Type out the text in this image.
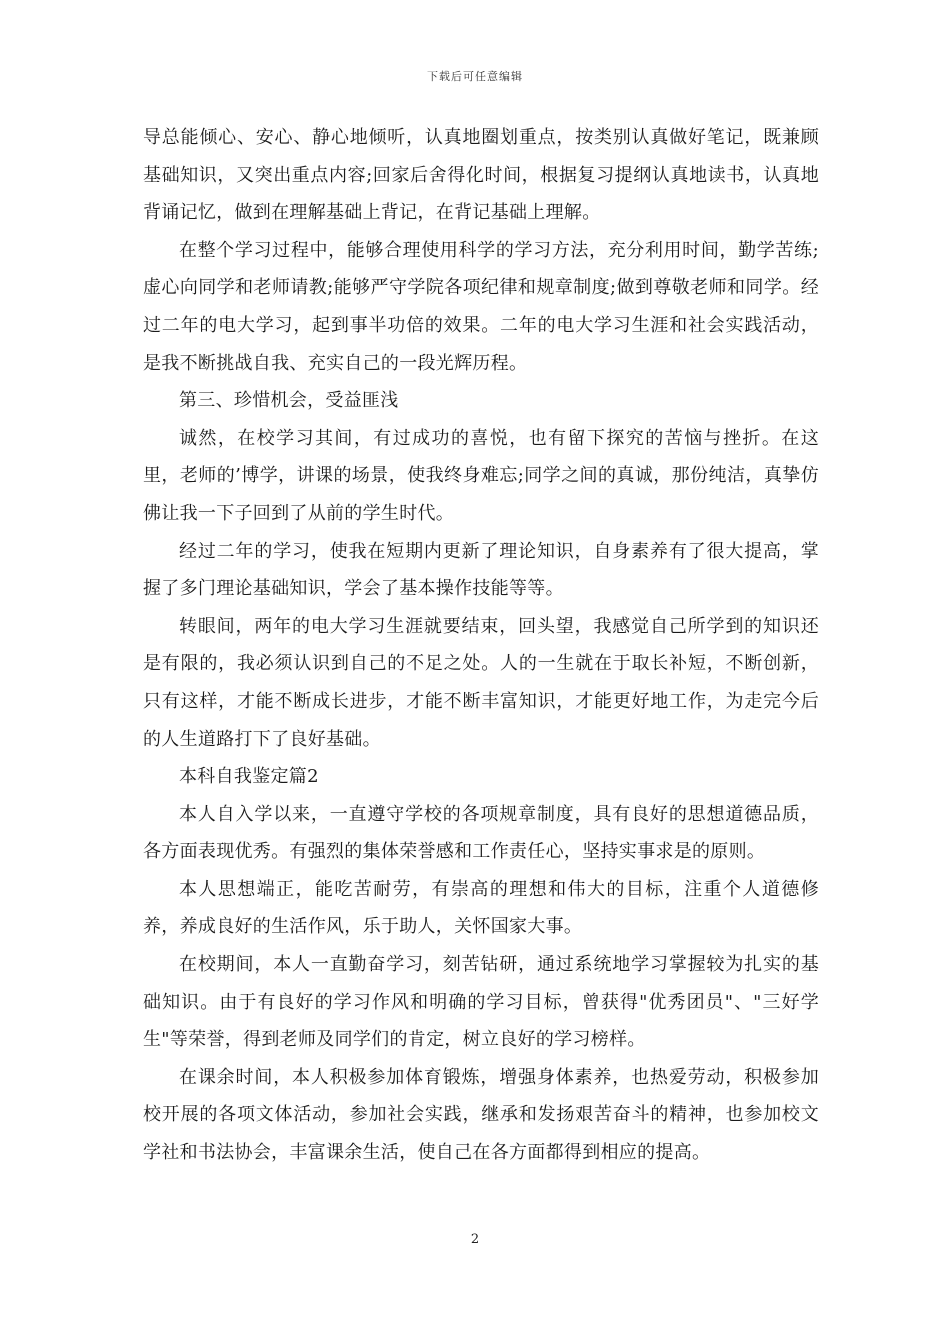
下载后可任意编辑

导总能倾心、安心、静心地倾听，认真地圈划重点，按类别认真做好笔记，既兼顾基础知识，又突出重点内容;回家后舍得化时间，根据复习提纲认真地读书，认真地背诵记忆，做到在理解基础上背记，在背记基础上理解。

在整个学习过程中，能够合理使用科学的学习方法，充分利用时间，勤学苦练;虚心向同学和老师请教;能够严守学院各项纪律和规章制度;做到尊敬老师和同学。经过二年的电大学习，起到事半功倍的效果。二年的电大学习生涯和社会实践活动，是我不断挑战自我、充实自己的一段光辉历程。

第三、珍惜机会，受益匪浅

诚然，在校学习其间，有过成功的喜悦，也有留下探究的苦恼与挫折。在这里，老师的’博学，讲课的场景，使我终身难忘;同学之间的真诚，那份纯洁，真挚仿佛让我一下子回到了从前的学生时代。

经过二年的学习，使我在短期内更新了理论知识，自身素养有了很大提高，掌握了多门理论基础知识，学会了基本操作技能等等。

转眼间，两年的电大学习生涯就要结束，回头望，我感觉自己所学到的知识还是有限的，我必须认识到自己的不足之处。人的一生就在于取长补短，不断创新，只有这样，才能不断成长进步，才能不断丰富知识，才能更好地工作，为走完今后的人生道路打下了良好基础。

本科自我鉴定篇2

本人自入学以来，一直遵守学校的各项规章制度，具有良好的思想道德品质，各方面表现优秀。有强烈的集体荣誉感和工作责任心，坚持实事求是的原则。

本人思想端正，能吃苦耐劳，有崇高的理想和伟大的目标，注重个人道德修养，养成良好的生活作风，乐于助人，关怀国家大事。

在校期间，本人一直勤奋学习，刻苦钻研，通过系统地学习掌握较为扎实的基础知识。由于有良好的学习作风和明确的学习目标，曾获得"优秀团员"、"三好学生"等荣誉，得到老师及同学们的肯定，树立良好的学习榜样。

在课余时间，本人积极参加体育锻炼，增强身体素养，也热爱劳动，积极参加校开展的各项文体活动，参加社会实践，继承和发扬艰苦奋斗的精神，也参加校文学社和书法协会，丰富课余生活，使自己在各方面都得到相应的提高。

2
